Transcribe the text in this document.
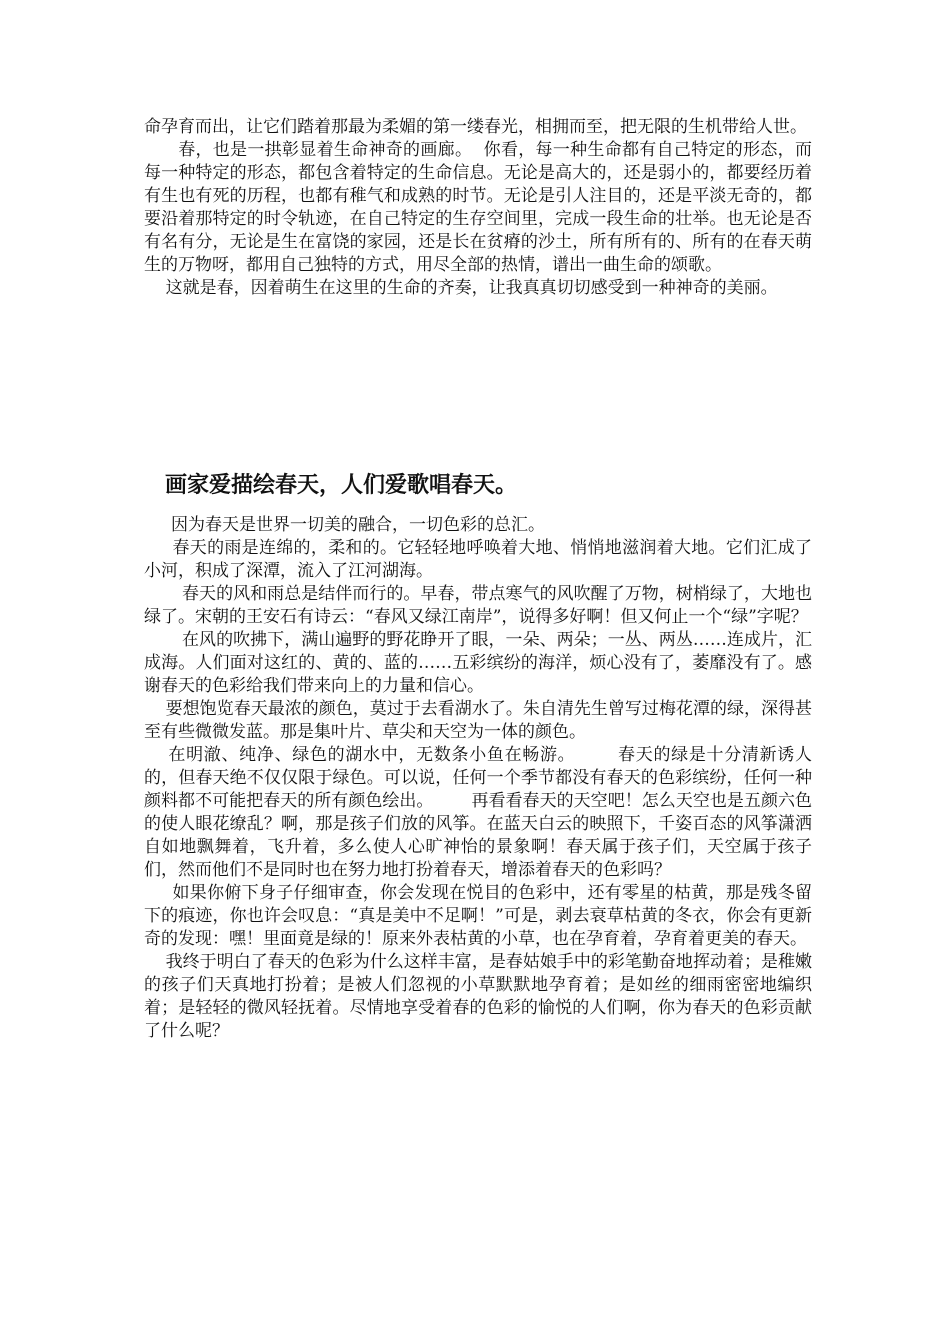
命孕育而出，让它们踏着那最为柔媚的第一缕春光，相拥而至，把无限的生机带给人世。

春，也是一拱彰显着生命神奇的画廊。  你看，每一种生命都有自己特定的形态，而每一种特定的形态，都包含着特定的生命信息。无论是高大的，还是弱小的，都要经历着有生也有死的历程，也都有稚气和成熟的时节。无论是引人注目的，还是平淡无奇的，都要沿着那特定的时令轨迹，在自己特定的生存空间里，完成一段生命的壮举。也无论是否有名有分，无论是生在富饶的家园，还是长在贫瘠的沙土，所有所有的、所有的在春天萌生的万物呀，都用自己独特的方式，用尽全部的热情，谱出一曲生命的颂歌。

这就是春，因着萌生在这里的生命的齐奏，让我真真切切感受到一种神奇的美丽。

画家爱描绘春天，人们爱歌唱春天。

因为春天是世界一切美的融合，一切色彩的总汇。

春天的雨是连绵的，柔和的。它轻轻地呼唤着大地、悄悄地滋润着大地。它们汇成了小河，积成了深潭，流入了江河湖海。

春天的风和雨总是结伴而行的。早春，带点寒气的风吹醒了万物，树梢绿了，大地也绿了。宋朝的王安石有诗云：“春风又绿江南岸”，说得多好啊！但又何止一个“绿”字呢？

在风的吹拂下，满山遍野的野花睁开了眼，一朵、两朵；一丛、两丛……连成片，汇成海。人们面对这红的、黄的、蓝的……五彩缤纷的海洋，烦心没有了，萎靡没有了。感谢春天的色彩给我们带来向上的力量和信心。

要想饱览春天最浓的颜色，莫过于去看湖水了。朱自清先生曾写过梅花潭的绿，深得甚至有些微微发蓝。那是集叶片、草尖和天空为一体的颜色。

在明澈、纯净、绿色的湖水中，无数条小鱼在畅游。       春天的绿是十分清新诱人的，但春天绝不仅仅限于绿色。可以说，任何一个季节都没有春天的色彩缤纷，任何一种颜料都不可能把春天的所有颜色绘出。       再看看春天的天空吧！怎么天空也是五颜六色的使人眼花缭乱？啊，那是孩子们放的风筝。在蓝天白云的映照下，千姿百态的风筝潇洒自如地飘舞着，飞升着，多么使人心旷神怡的景象啊！春天属于孩子们，天空属于孩子们，然而他们不是同时也在努力地打扮着春天，增添着春天的色彩吗？

如果你俯下身子仔细审查，你会发现在悦目的色彩中，还有零星的枯黄，那是残冬留下的痕迹，你也许会叹息：“真是美中不足啊！”可是，剥去衰草枯黄的冬衣，你会有更新奇的发现：嘿！里面竟是绿的！原来外表枯黄的小草，也在孕育着，孕育着更美的春天。

我终于明白了春天的色彩为什么这样丰富，是春姑娘手中的彩笔勤奋地挥动着；是稚嫩的孩子们天真地打扮着；是被人们忽视的小草默默地孕育着；是如丝的细雨密密地编织着；是轻轻的微风轻抚着。尽情地享受着春的色彩的愉悦的人们啊，你为春天的色彩贡献了什么呢？
